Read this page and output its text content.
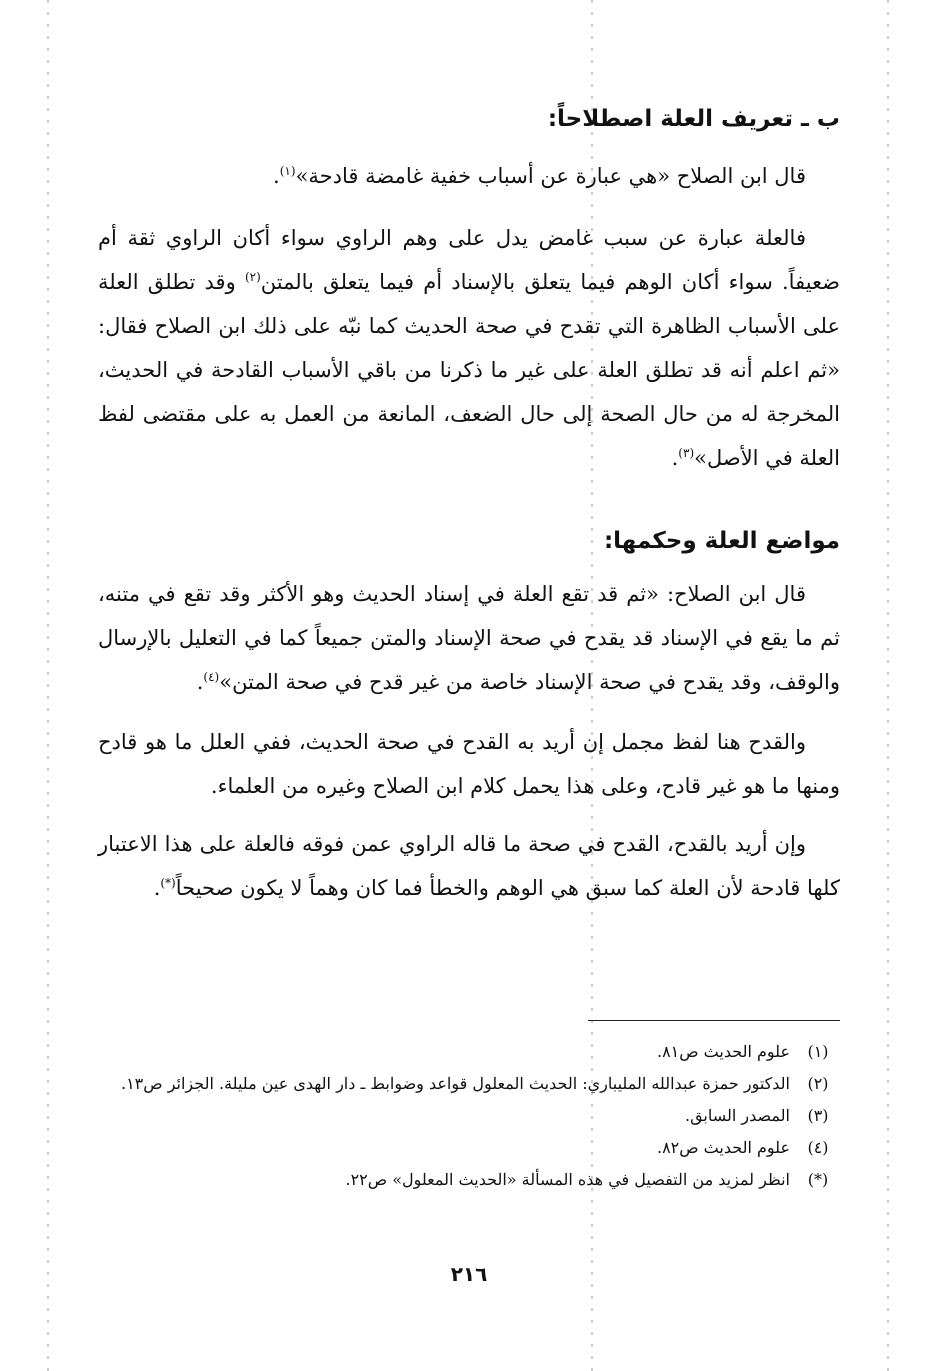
ب ـ تعريف العلة اصطلاحاً:

قال ابن الصلاح «هي عبارة عن أسباب خفية غامضة قادحة»$^{(١)}$.

فالعلة عبارة عن سبب غامض يدل على وهم الراوي سواء أكان الراوي ثقة أم ضعيفاً. سواء أكان الوهم فيما يتعلق بالإسناد أم فيما يتعلق بالمتن$^{(٢)}$ وقد تطلق العلة على الأسباب الظاهرة التي تقدح في صحة الحديث كما نبّه على ذلك ابن الصلاح فقال: «ثم اعلم أنه قد تطلق العلة على غير ما ذكرنا من باقي الأسباب القادحة في الحديث، المخرجة له من حال الصحة إلى حال الضعف، المانعة من العمل به على مقتضى لفظ العلة في الأصل»$^{(٣)}$.

مواضع العلة وحكمها:

قال ابن الصلاح: «ثم قد تقع العلة في إسناد الحديث وهو الأكثر وقد تقع في متنه، ثم ما يقع في الإسناد قد يقدح في صحة الإسناد والمتن جميعاً كما في التعليل بالإرسال والوقف، وقد يقدح في صحة الإسناد خاصة من غير قدح في صحة المتن»$^{(٤)}$.

والقدح هنا لفظ مجمل إن أريد به القدح في صحة الحديث، ففي العلل ما هو قادح ومنها ما هو غير قادح، وعلى هذا يحمل كلام ابن الصلاح وغيره من العلماء.

وإن أريد بالقدح، القدح في صحة ما قاله الراوي عمن فوقه فالعلة على هذا الاعتبار كلها قادحة لأن العلة كما سبق هي الوهم والخطأ فما كان وهماً لا يكون صحيحاً(*).

(١)
علوم الحديث ص٨١.
(٢)
الدكتور حمزة عبدالله المليباري: الحديث المعلول قواعد وضوابط ـ دار الهدى عين مليلة. الجزائر ص١٣.
(٣)
المصدر السابق.
(٤)
علوم الحديث ص٨٢.
(*)
انظر لمزيد من التفصيل في هذه المسألة «الحديث المعلول» ص٢٢.
٢١٦
